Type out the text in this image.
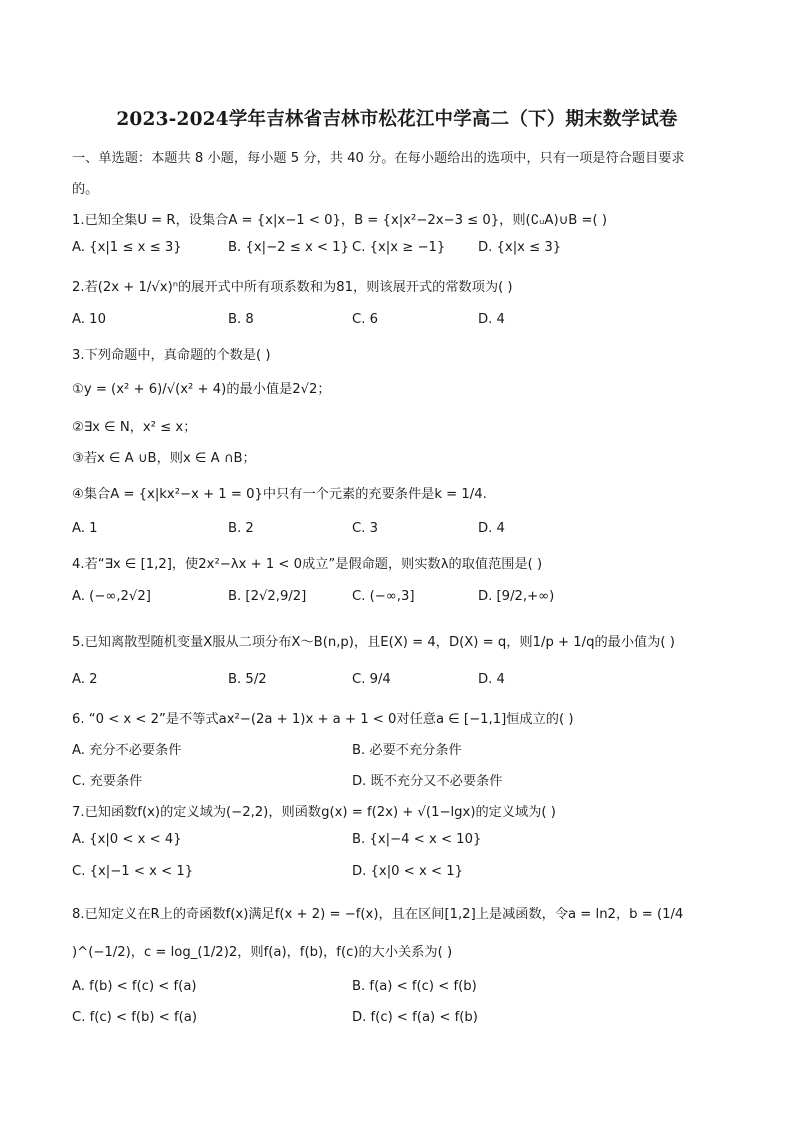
2023-2024学年吉林省吉林市松花江中学高二（下）期末数学试卷
一、单选题：本题共 8 小题，每小题 5 分，共 40 分。在每小题给出的选项中，只有一项是符合题目要求
的。
1.已知全集U = R，设集合A = {x|x−1 < 0}，B = {x|x²−2x−3 ≤ 0}，则(∁ᵤA)∪B =( )
A. {x|1 ≤ x ≤ 3}	B. {x|−2 ≤ x < 1} C. {x|x ≥ −1} D. {x|x ≤ 3}
2.若(2x + 1/√x)ⁿ的展开式中所有项系数和为81，则该展开式的常数项为( )
A. 10	B. 8	C. 6	D. 4
3.下列命题中，真命题的个数是( )
①y = (x² + 6)/√(x² + 4)的最小值是2√2；
②∃x ∈ N，x² ≤ x；
③若x ∈ A ∪B，则x ∈ A ∩B；
④集合A = {x|kx²−x + 1 = 0}中只有一个元素的充要条件是k = 1/4.
A. 1	B. 2	C. 3	D. 4
4.若“∃x ∈ [1,2]，使2x²−λx + 1 < 0成立”是假命题，则实数λ的取值范围是( )
A. (−∞,2√2]	B. [2√2,9/2]	C. (−∞,3]	D. [9/2,+∞)
5.已知离散型随机变量X服从二项分布X～B(n,p)，且E(X) = 4，D(X) = q，则1/p + 1/q的最小值为( )
A. 2	B. 5/2	C. 9/4	D. 4
6. “0 < x < 2”是不等式ax²−(2a + 1)x + a + 1 < 0对任意a ∈ [−1,1]恒成立的( )
A. 充分不必要条件	B. 必要不充分条件
C. 充要条件	D. 既不充分又不必要条件
7.已知函数f(x)的定义域为(−2,2)，则函数g(x) = f(2x) + √(1−lgx)的定义域为( )
A. {x|0 < x < 4}	B. {x|−4 < x < 10}
C. {x|−1 < x < 1}	D. {x|0 < x < 1}
8.已知定义在R上的奇函数f(x)满足f(x + 2) = −f(x)，且在区间[1,2]上是减函数，令a = ln2，b = (1/4
)^(−1/2)，c = log_(1/2)2，则f(a)，f(b)，f(c)的大小关系为( )
A. f(b) < f(c) < f(a)	B. f(a) < f(c) < f(b)
C. f(c) < f(b) < f(a)	D. f(c) < f(a) < f(b)
